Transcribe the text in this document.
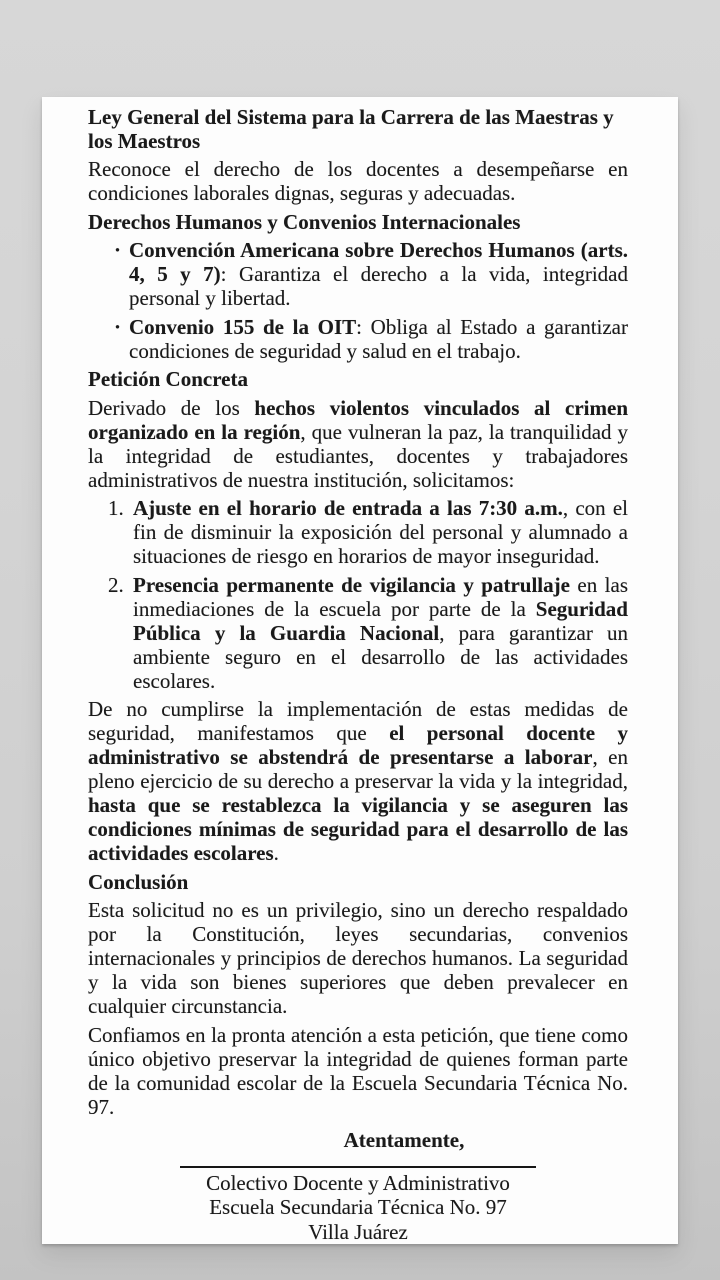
Ley General del Sistema para la Carrera de las Maestras y los Maestros
Reconoce el derecho de los docentes a desempeñarse en condiciones laborales dignas, seguras y adecuadas.
Derechos Humanos y Convenios Internacionales
· Convención Americana sobre Derechos Humanos (arts. 4, 5 y 7): Garantiza el derecho a la vida, integridad personal y libertad.
· Convenio 155 de la OIT: Obliga al Estado a garantizar condiciones de seguridad y salud en el trabajo.
Petición Concreta
Derivado de los hechos violentos vinculados al crimen organizado en la región, que vulneran la paz, la tranquilidad y la integridad de estudiantes, docentes y trabajadores administrativos de nuestra institución, solicitamos:
1. Ajuste en el horario de entrada a las 7:30 a.m., con el fin de disminuir la exposición del personal y alumnado a situaciones de riesgo en horarios de mayor inseguridad.
2. Presencia permanente de vigilancia y patrullaje en las inmediaciones de la escuela por parte de la Seguridad Pública y la Guardia Nacional, para garantizar un ambiente seguro en el desarrollo de las actividades escolares.
De no cumplirse la implementación de estas medidas de seguridad, manifestamos que el personal docente y administrativo se abstendrá de presentarse a laborar, en pleno ejercicio de su derecho a preservar la vida y la integridad, hasta que se restablezca la vigilancia y se aseguren las condiciones mínimas de seguridad para el desarrollo de las actividades escolares.
Conclusión
Esta solicitud no es un privilegio, sino un derecho respaldado por la Constitución, leyes secundarias, convenios internacionales y principios de derechos humanos. La seguridad y la vida son bienes superiores que deben prevalecer en cualquier circunstancia.
Confiamos en la pronta atención a esta petición, que tiene como único objetivo preservar la integridad de quienes forman parte de la comunidad escolar de la Escuela Secundaria Técnica No. 97.
Atentamente,
Colectivo Docente y Administrativo
Escuela Secundaria Técnica No. 97
Villa Juárez
